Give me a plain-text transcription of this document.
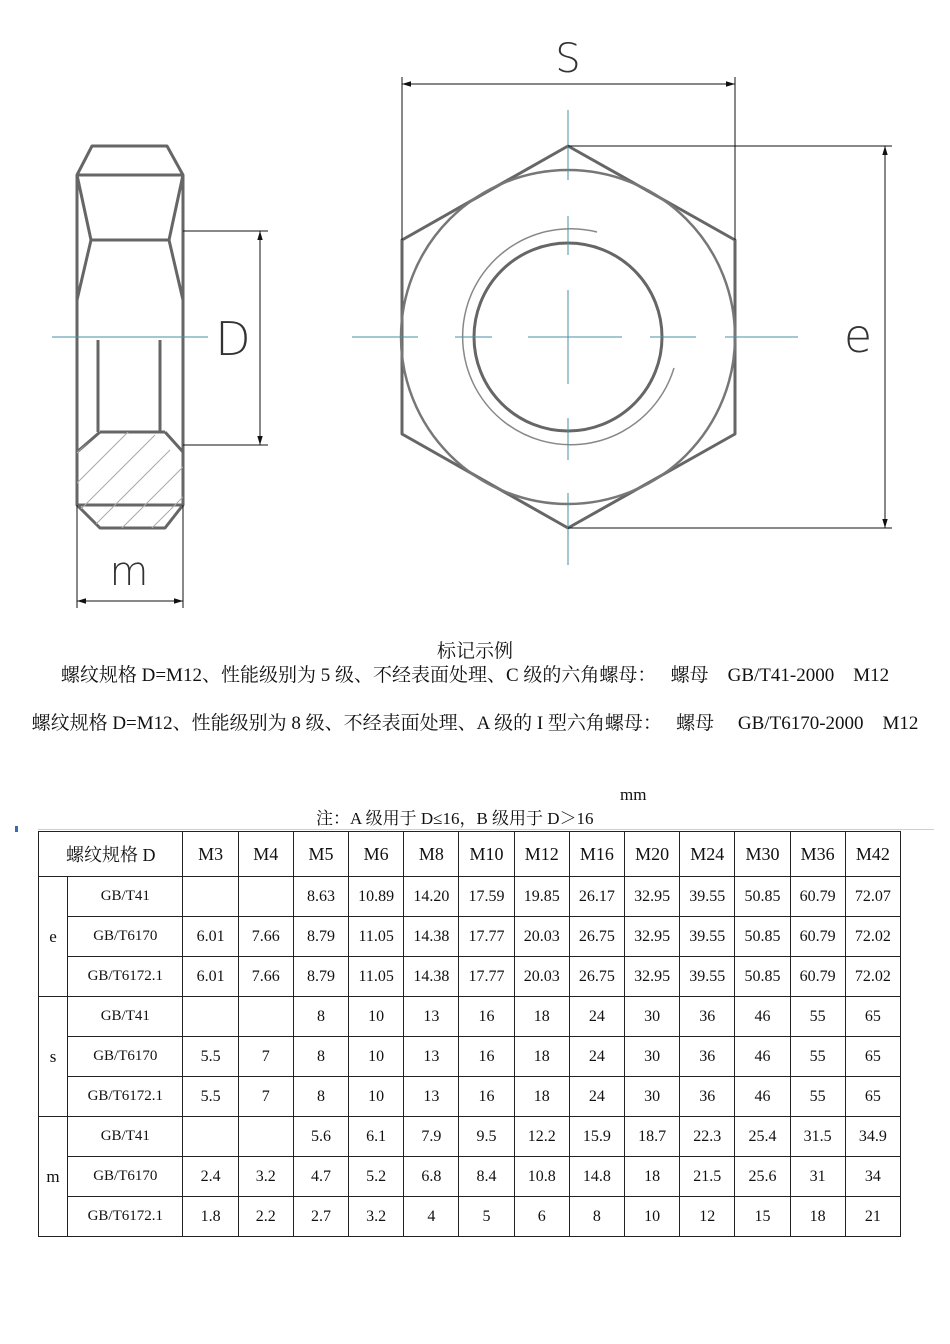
S
D	e
m
标记示例
螺纹规格 D=M12、性能级别为 5 级、不经表面处理、C 级的六角螺母：　 螺母　GB/T41-2000　M12
螺纹规格 D=M12、性能级别为 8 级、不经表面处理、A 级的 I 型六角螺母：　 螺母　 GB/T6170-2000　M12
mm
注：A 级用于 D≤16，B 级用于 D＞16
螺纹规格 D		M3	M4	M5	M6	M8	M10	M12	M16	M20	M24	M30	M36	M42
e	GB/T41			8.63	10.89	14.20	17.59	19.85	26.17	32.95	39.55	50.85	60.79	72.07
	GB/T6170	6.01	7.66	8.79	11.05	14.38	17.77	20.03	26.75	32.95	39.55	50.85	60.79	72.02
	GB/T6172.1	6.01	7.66	8.79	11.05	14.38	17.77	20.03	26.75	32.95	39.55	50.85	60.79	72.02
s	GB/T41			8	10	13	16	18	24	30	36	46	55	65
	GB/T6170	5.5	7	8	10	13	16	18	24	30	36	46	55	65
	GB/T6172.1	5.5	7	8	10	13	16	18	24	30	36	46	55	65
m	GB/T41			5.6	6.1	7.9	9.5	12.2	15.9	18.7	22.3	25.4	31.5	34.9
	GB/T6170	2.4	3.2	4.7	5.2	6.8	8.4	10.8	14.8	18	21.5	25.6	31	34
	GB/T6172.1	1.8	2.2	2.7	3.2	4	5	6	8	10	12	15	18	21
